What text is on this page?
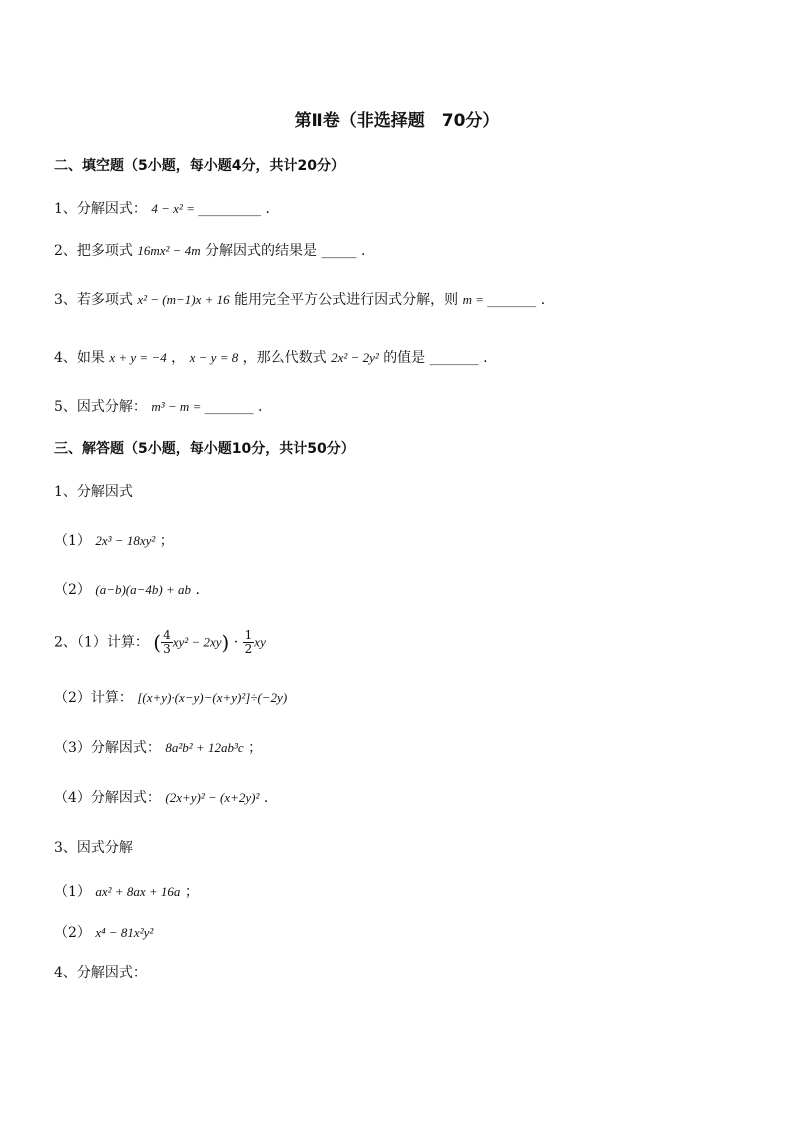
第Ⅱ卷（非选择题　70分）
二、填空题（5小题，每小题4分，共计20分）
1、分解因式： 4 − x² = _________ .
2、把多项式 16mx² − 4m 分解因式的结果是 _____ .
3、若多项式 x² − (m−1)x + 16 能用完全平方公式进行因式分解，则 m = _______ .
4、如果 x + y = −4 ， x − y = 8 ，那么代数式 2x² − 2y² 的值是 _______ .
5、因式分解： m³ − m = _______ .
三、解答题（5小题，每小题10分，共计50分）
1、分解因式
（1） 2x³ − 18xy² ；
（2） (a−b)(a−4b) + ab .
2、（1）计算： ( $\frac{4}{3} xy^2 - 2xy) \cdot \frac{1}{2}$ xy
（2）计算： [(x+y)·(x−y)−(x+y)²]÷(−2y)
（3）分解因式： 8a²b² + 12ab³c ；
（4）分解因式： (2x+y)² − (x+2y)² .
3、因式分解
（1） ax² + 8ax + 16a ；
（2） x⁴ − 81x²y²
4、分解因式：
